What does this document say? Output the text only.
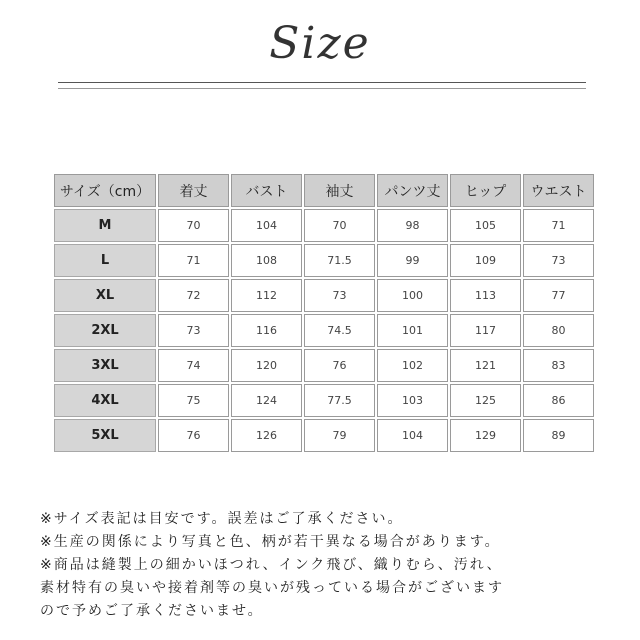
Size
サイズ（cm）	着丈	バスト	袖丈	パンツ丈	ヒップ	ウエスト
M	70	104	70	98	105	71
L	71	108	71.5	99	109	73
XL	72	112	73	100	113	77
2XL	73	116	74.5	101	117	80
3XL	74	120	76	102	121	83
4XL	75	124	77.5	103	125	86
5XL	76	126	79	104	129	89
※サイズ表記は目安です。誤差はご了承ください。
※生産の関係により写真と色、柄が若干異なる場合があります。
※商品は縫製上の細かいほつれ、インク飛び、織りむら、汚れ、
素材特有の臭いや接着剤等の臭いが残っている場合がございます
ので予めご了承くださいませ。
